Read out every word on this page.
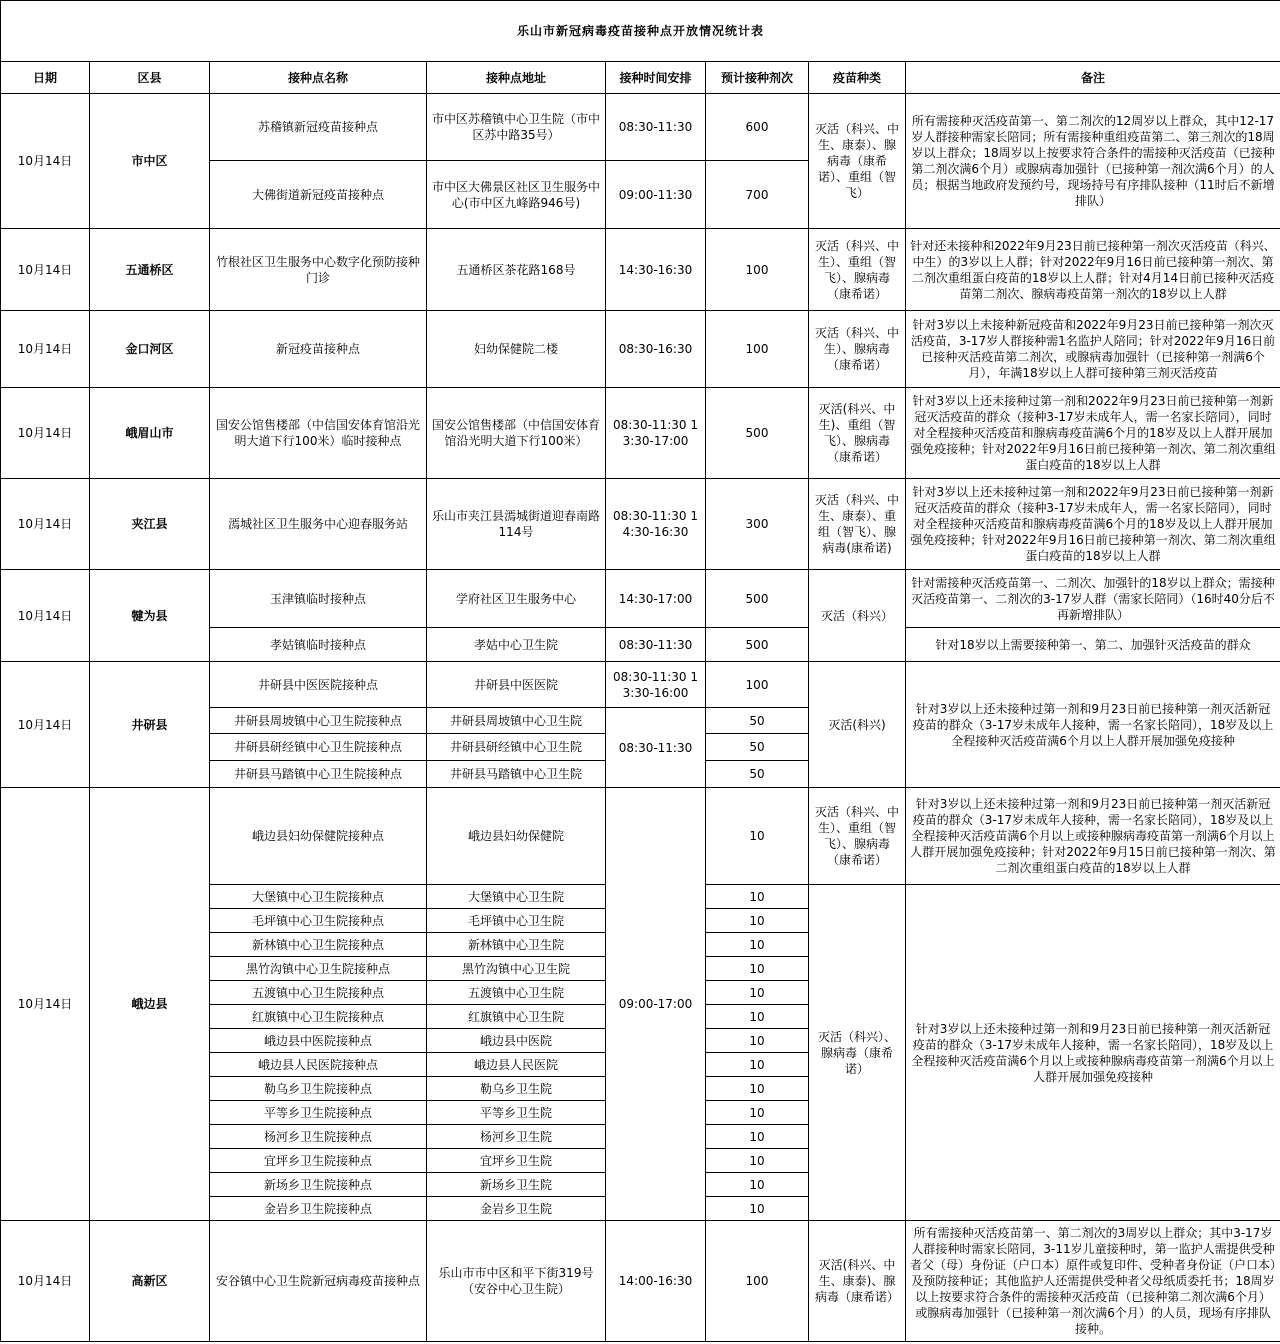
乐山市新冠病毒疫苗接种点开放情况统计表							
日期	区县	接种点名称	接种点地址	接种时间安排	预计接种剂次	疫苗种类	备注
10月14日	市中区	苏稽镇新冠疫苗接种点	市中区苏稽镇中心卫生院（市中区苏中路35号）	08:30-11:30	600	灭活（科兴、中生、康泰）、腺病毒（康希诺）、重组（智飞）	所有需接种灭活疫苗第一、第二剂次的12周岁以上群众，其中12-17岁人群接种需家长陪同；所有需接种重组疫苗第二、第三剂次的18周岁以上群众；18周岁以上按要求符合条件的需接种灭活疫苗（已接种第二剂次满6个月）或腺病毒加强针（已接种第一剂次满6个月）的人员；根据当地政府发预约号，现场持号有序排队接种（11时后不新增排队）
		大佛街道新冠疫苗接种点	市中区大佛景区社区卫生服务中心(市中区九峰路946号)	09:00-11:30	700		
10月14日	五通桥区	竹根社区卫生服务中心数字化预防接种门诊	五通桥区茶花路168号	14:30-16:30	100	灭活（科兴、中生）、重组（智飞）、腺病毒（康希诺）	针对还未接种和2022年9月23日前已接种第一剂次灭活疫苗（科兴、中生）的3岁以上人群；针对2022年9月16日前已接种第一剂次、第二剂次重组蛋白疫苗的18岁以上人群；针对4月14日前已接种灭活疫苗第二剂次、腺病毒疫苗第一剂次的18岁以上人群
10月14日	金口河区	新冠疫苗接种点	妇幼保健院二楼	08:30-16:30	100	灭活（科兴、中生）、腺病毒（康希诺）	针对3岁以上未接种新冠疫苗和2022年9月23日前已接种第一剂次灭活疫苗，3-17岁人群接种需1名监护人陪同；针对2022年9月16日前已接种灭活疫苗第二剂次，或腺病毒加强针（已接种第一剂满6个月），年满18岁以上人群可接种第三剂灭活疫苗
10月14日	峨眉山市	国安公馆售楼部（中信国安体育馆沿光明大道下行100米）临时接种点	国安公馆售楼部（中信国安体育馆沿光明大道下行100米）	08:30-11:30 13:30-17:00	500	灭活(科兴、中生)、重组（智飞）、腺病毒（康希诺）	针对3岁以上还未接种过第一剂和2022年9月23日前已接种第一剂新冠灭活疫苗的群众（接种3-17岁未成年人，需一名家长陪同），同时对全程接种灭活疫苗和腺病毒疫苗满6个月的18岁及以上人群开展加强免疫接种；针对2022年9月16日前已接种第一剂次、第二剂次重组蛋白疫苗的18岁以上人群
10月14日	夹江县	漹城社区卫生服务中心迎春服务站	乐山市夹江县漹城街道迎春南路114号	08:30-11:30 14:30-16:30	300	灭活（科兴、中生、康泰）、重组（智飞）、腺病毒(康希诺)	针对3岁以上还未接种过第一剂和2022年9月23日前已接种第一剂新冠灭活疫苗的群众（接种3-17岁未成年人，需一名家长陪同），同时对全程接种灭活疫苗和腺病毒疫苗满6个月的18岁及以上人群开展加强免疫接种；针对2022年9月16日前已接种第一剂次、第二剂次重组蛋白疫苗的18岁以上人群
10月14日	犍为县	玉津镇临时接种点	学府社区卫生服务中心	14:30-17:00	500	灭活（科兴）	针对需接种灭活疫苗第一、二剂次、加强针的18岁以上群众；需接种灭活疫苗第一、二剂次的3-17岁人群（需家长陪同）（16时40分后不再新增排队）
		孝姑镇临时接种点	孝姑中心卫生院	08:30-11:30	500		针对18岁以上需要接种第一、第二、加强针灭活疫苗的群众
10月14日	井研县	井研县中医医院接种点	井研县中医医院	08:30-11:30 13:30-16:00	100	灭活(科兴)	针对3岁以上还未接种过第一剂和9月23日前已接种第一剂灭活新冠疫苗的群众（3-17岁未成年人接种，需一名家长陪同），18岁及以上全程接种灭活疫苗满6个月以上人群开展加强免疫接种
		井研县周坡镇中心卫生院接种点	井研县周坡镇中心卫生院	08:30-11:30	50		
		井研县研经镇中心卫生院接种点	井研县研经镇中心卫生院		50		
		井研县马踏镇中心卫生院接种点	井研县马踏镇中心卫生院		50		
10月14日	峨边县	峨边县妇幼保健院接种点	峨边县妇幼保健院	09:00-17:00	10	灭活（科兴、中生）、重组（智飞）、腺病毒（康希诺）	针对3岁以上还未接种过第一剂和9月23日前已接种第一剂灭活新冠疫苗的群众（3-17岁未成年人接种，需一名家长陪同），18岁及以上全程接种灭活疫苗满6个月以上或接种腺病毒疫苗第一剂满6个月以上人群开展加强免疫接种；针对2022年9月15日前已接种第一剂次、第二剂次重组蛋白疫苗的18岁以上人群
		大堡镇中心卫生院接种点	大堡镇中心卫生院		10	灭活（科兴）、腺病毒（康希诺）	针对3岁以上还未接种过第一剂和9月23日前已接种第一剂灭活新冠疫苗的群众（3-17岁未成年人接种，需一名家长陪同），18岁及以上全程接种灭活疫苗满6个月以上或接种腺病毒疫苗第一剂满6个月以上人群开展加强免疫接种
		毛坪镇中心卫生院接种点	毛坪镇中心卫生院		10		
		新林镇中心卫生院接种点	新林镇中心卫生院		10		
		黑竹沟镇中心卫生院接种点	黑竹沟镇中心卫生院		10		
		五渡镇中心卫生院接种点	五渡镇中心卫生院		10		
		红旗镇中心卫生院接种点	红旗镇中心卫生院		10		
		峨边县中医院接种点	峨边县中医院		10		
		峨边县人民医院接种点	峨边县人民医院		10		
		勒乌乡卫生院接种点	勒乌乡卫生院		10		
		平等乡卫生院接种点	平等乡卫生院		10		
		杨河乡卫生院接种点	杨河乡卫生院		10		
		宜坪乡卫生院接种点	宜坪乡卫生院		10		
		新场乡卫生院接种点	新场乡卫生院		10		
		金岩乡卫生院接种点	金岩乡卫生院		10		
10月14日	高新区	安谷镇中心卫生院新冠病毒疫苗接种点	乐山市市中区和平下街319号（安谷中心卫生院）	14:00-16:30	100	灭活(科兴、中生、康泰)、腺病毒（康希诺）	所有需接种灭活疫苗第一、第二剂次的3周岁以上群众；其中3-17岁人群接种时需家长陪同，3-11岁儿童接种时，第一监护人需提供受种者父（母）身份证（户口本）原件或复印件、受种者身份证（户口本）及预防接种证；其他监护人还需提供受种者父母纸质委托书；18周岁以上按要求符合条件的需接种灭活疫苗（已接种第二剂次满6个月）或腺病毒加强针（已接种第一剂次满6个月）的人员，现场有序排队接种。
